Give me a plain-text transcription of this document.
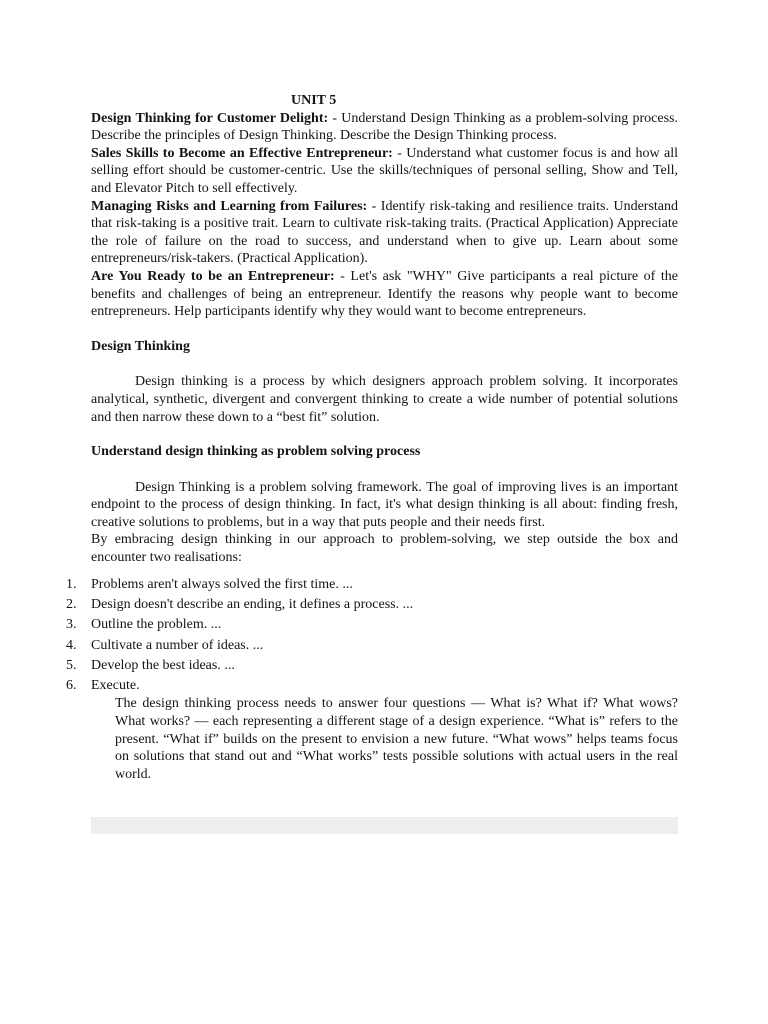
UNIT 5

Design Thinking for Customer Delight: - Understand Design Thinking as a problem-solving process. Describe the principles of Design Thinking. Describe the Design Thinking process.

Sales Skills to Become an Effective Entrepreneur: - Understand what customer focus is and how all selling effort should be customer-centric. Use the skills/techniques of personal selling, Show and Tell, and Elevator Pitch to sell effectively.

Managing Risks and Learning from Failures: - Identify risk-taking and resilience traits. Understand that risk-taking is a positive trait. Learn to cultivate risk-taking traits. (Practical Application) Appreciate the role of failure on the road to success, and understand when to give up. Learn about some entrepreneurs/risk-takers. (Practical Application).

Are You Ready to be an Entrepreneur: - Let's ask "WHY" Give participants a real picture of the benefits and challenges of being an entrepreneur. Identify the reasons why people want to become entrepreneurs. Help participants identify why they would want to become entrepreneurs.

Design Thinking

Design thinking is a process by which designers approach problem solving. It incorporates analytical, synthetic, divergent and convergent thinking to create a wide number of potential solutions and then narrow these down to a “best fit” solution.

Understand design thinking as problem solving process

Design Thinking is a problem solving framework. The goal of improving lives is an important endpoint to the process of design thinking. In fact, it's what design thinking is all about: finding fresh, creative solutions to problems, but in a way that puts people and their needs first.

By embracing design thinking in our approach to problem-solving, we step outside the box and encounter two realisations:

1.	Problems aren't always solved the first time. ...
2.	Design doesn't describe an ending, it defines a process. ...
3.	Outline the problem. ...
4.	Cultivate a number of ideas. ...
5.	Develop the best ideas. ...
6.	Execute.

The design thinking process needs to answer four questions — What is? What if? What wows? What works? — each representing a different stage of a design experience. “What is” refers to the present. “What if” builds on the present to envision a new future. “What wows” helps teams focus on solutions that stand out and “What works” tests possible solutions with actual users in the real world.
